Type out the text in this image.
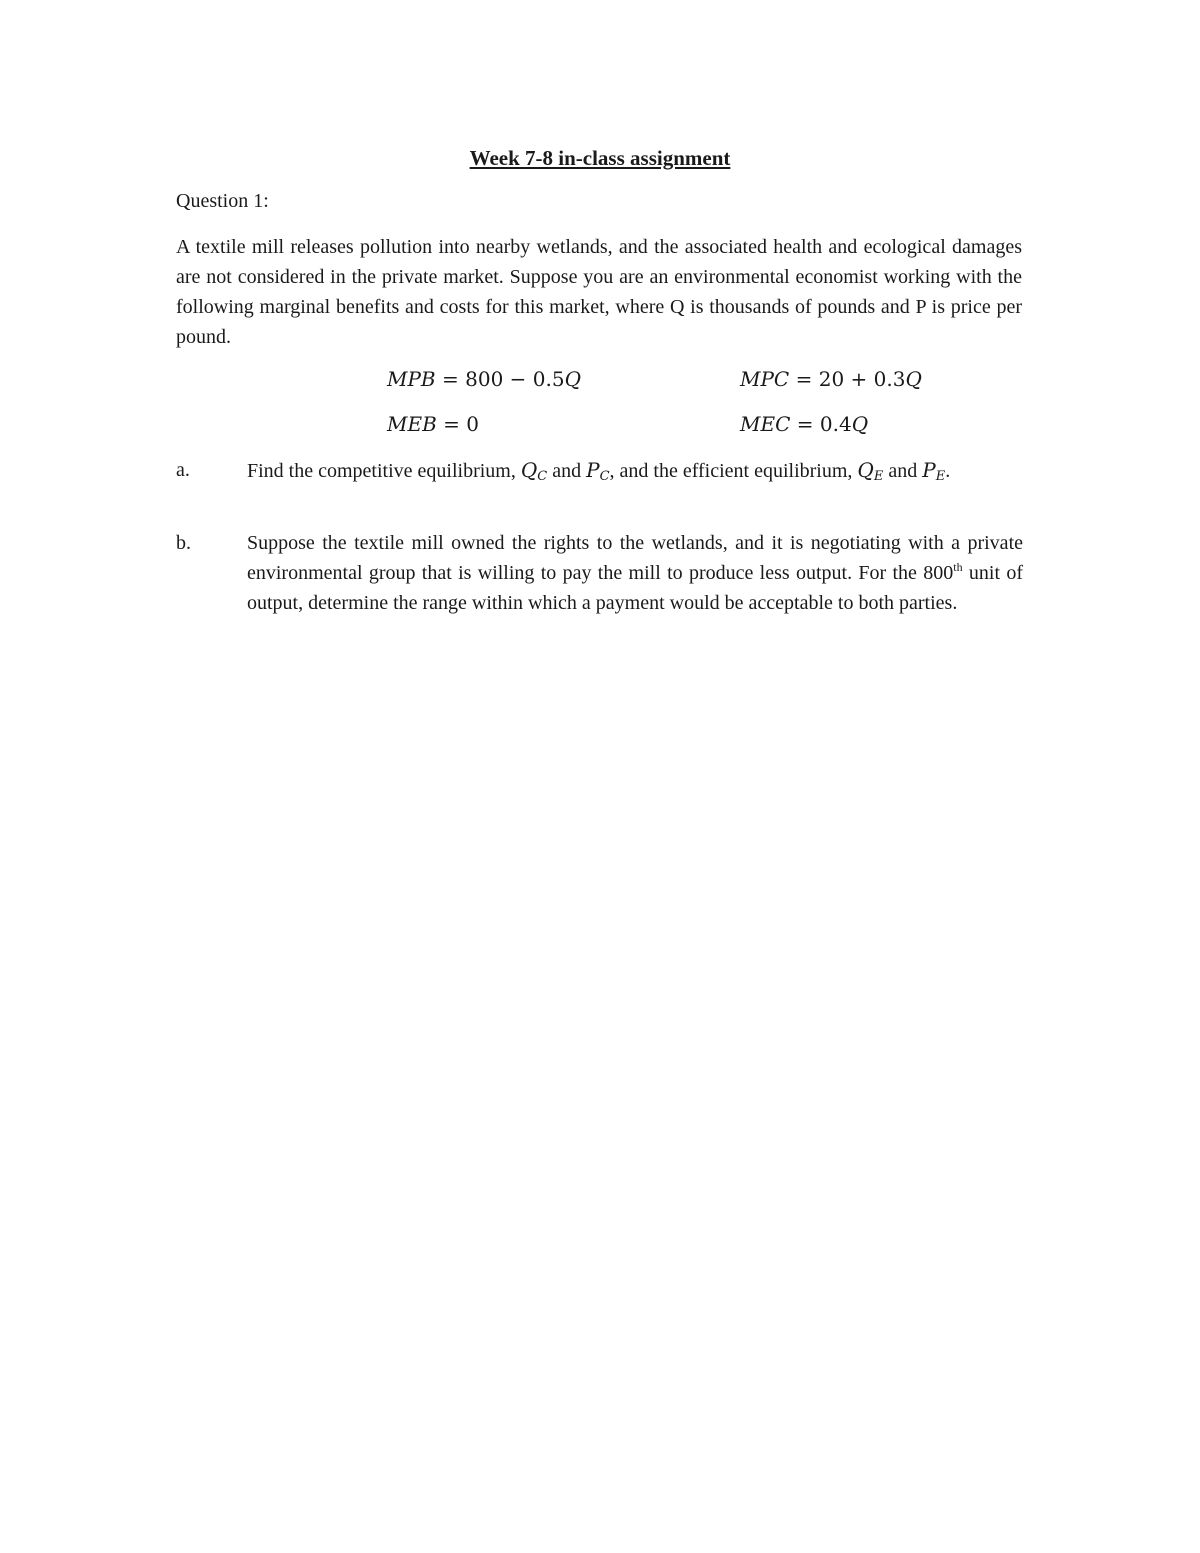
Week 7-8 in-class assignment
Question 1:
A textile mill releases pollution into nearby wetlands, and the associated health and ecological damages are not considered in the private market. Suppose you are an environmental economist working with the following marginal benefits and costs for this market, where Q is thousands of pounds and P is price per pound.
MPB = 800 − 0.5Q	MPC = 20 + 0.3Q
MEB = 0	MEC = 0.4Q
a.	Find the competitive equilibrium, $Q_C$ and $P_C$, and the efficient equilibrium, $Q_E$ and $P_E$.
b.	Suppose the textile mill owned the rights to the wetlands, and it is negotiating with a private environmental group that is willing to pay the mill to produce less output. For the 800th unit of output, determine the range within which a payment would be acceptable to both parties.
